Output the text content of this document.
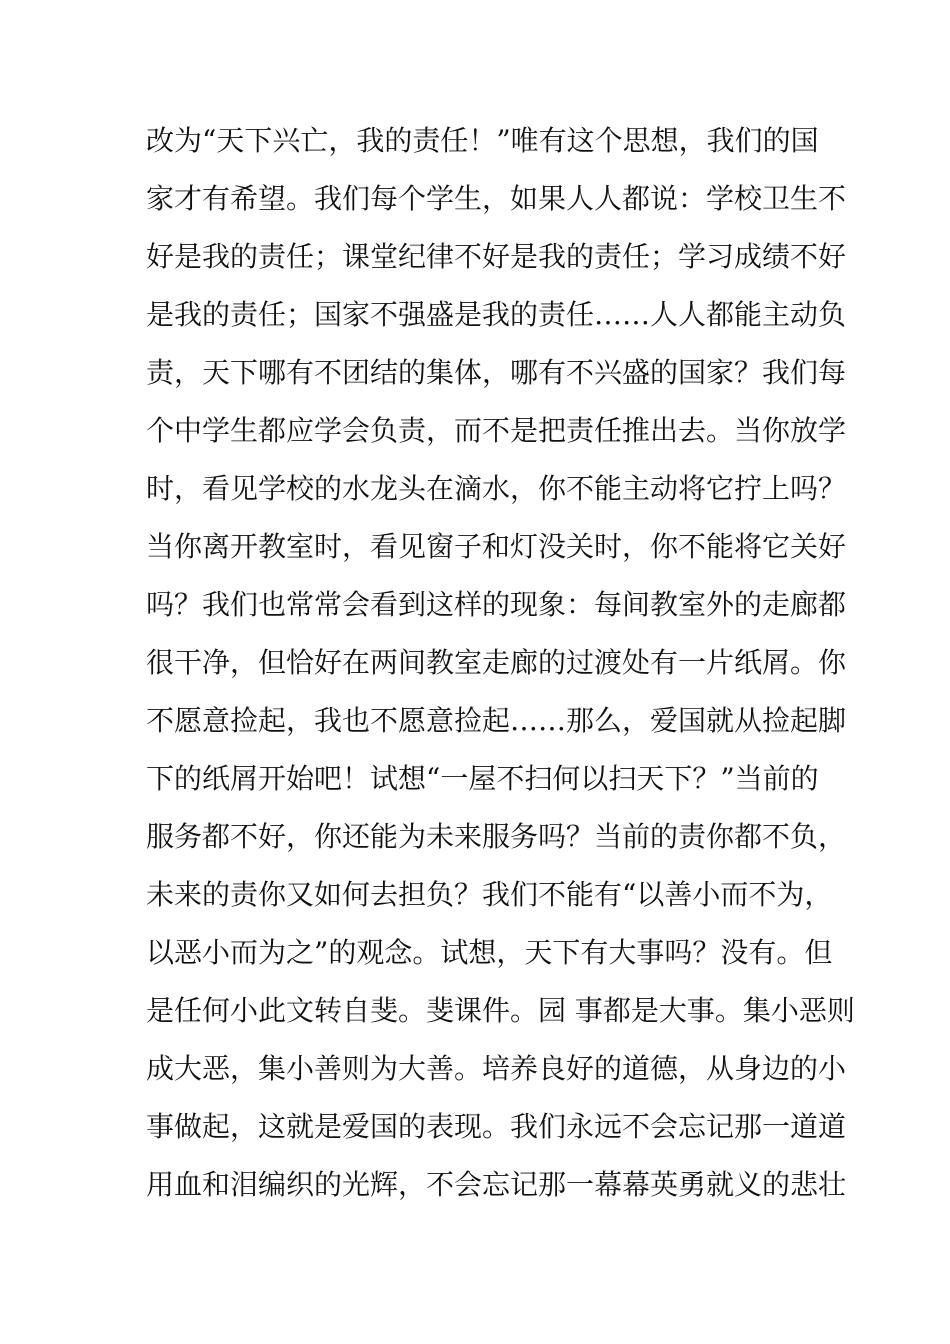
改为“天下兴亡，我的责任！”唯有这个思想，我们的国
家才有希望。我们每个学生，如果人人都说：学校卫生不
好是我的责任；课堂纪律不好是我的责任；学习成绩不好
是我的责任；国家不强盛是我的责任……人人都能主动负
责，天下哪有不团结的集体，哪有不兴盛的国家？我们每
个中学生都应学会负责，而不是把责任推出去。当你放学
时，看见学校的水龙头在滴水，你不能主动将它拧上吗？
当你离开教室时，看见窗子和灯没关时，你不能将它关好
吗？我们也常常会看到这样的现象：每间教室外的走廊都
很干净，但恰好在两间教室走廊的过渡处有一片纸屑。你
不愿意捡起，我也不愿意捡起……那么，爱国就从捡起脚
下的纸屑开始吧！试想“一屋不扫何以扫天下？”当前的
服务都不好，你还能为未来服务吗？当前的责你都不负，
未来的责你又如何去担负？我们不能有“以善小而不为，
以恶小而为之”的观念。试想，天下有大事吗？没有。但
是任何小此文转自斐。斐课件。园 事都是大事。集小恶则
成大恶，集小善则为大善。培养良好的道德，从身边的小
事做起，这就是爱国的表现。我们永远不会忘记那一道道
用血和泪编织的光辉，不会忘记那一幕幕英勇就义的悲壮
